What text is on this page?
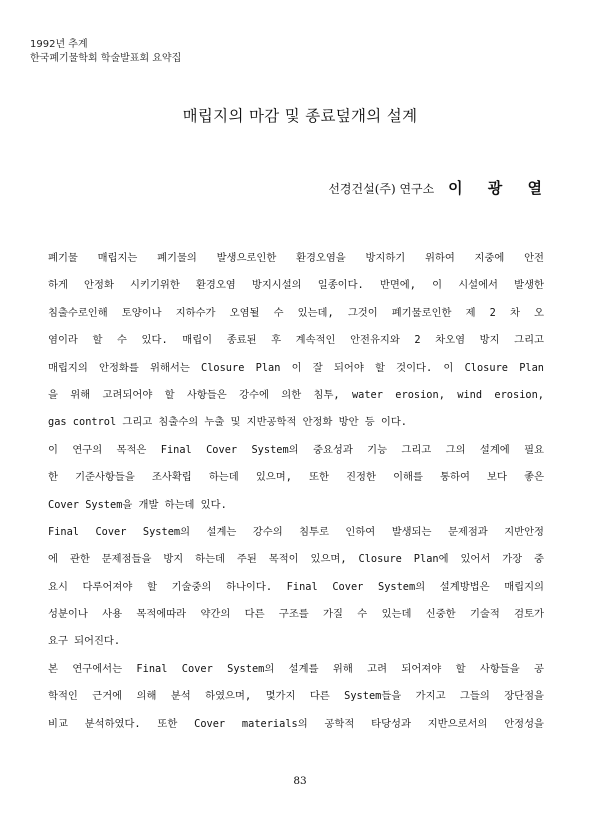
1992년 추계
한국폐기물학회 학술발표회 요약집
매립지의 마감 및 종료덮개의 설계
선경건설(주) 연구소 이 광 열

폐기물 매립지는 폐기물의 발생으로인한 환경오염을 방지하기 위하여 지중에 안전
하게 안정화 시키기위한 환경오염 방지시설의 일종이다. 반면에, 이 시설에서 발생한
침출수로인해 토양이나 지하수가 오염될 수 있는데, 그것이 폐기물로인한 제 2 차 오
염이라 할 수 있다. 매립이 종료된 후 계속적인 안전유지와 2 차오염 방지 그리고
매립지의 안정화를 위해서는 Closure Plan 이 잘 되어야 할 것이다. 이 Closure Plan
을 위해 고려되어야 할 사항들은 강수에 의한 침투, water erosion, wind erosion,
gas control 그리고 침출수의 누출 및 지반공학적 안정화 방안 등 이다.

이 연구의 목적은 Final Cover System의 중요성과 기능 그리고 그의 설계에 필요
한 기준사항들을 조사확립 하는데 있으며, 또한 진정한 이해를 통하여 보다 좋은
Cover System을 개발 하는데 있다.

Final Cover System의 설계는 강수의 침투로 인하여 발생되는 문제점과 지반안정
에 관한 문제점들을 방지 하는데 주된 목적이 있으며, Closure Plan에 있어서 가장 중
요시 다루어져야 할 기술중의 하나이다. Final Cover System의 설계방법은 매립지의
성분이나 사용 목적에따라 약간의 다른 구조를 가질 수 있는데 신중한 기술적 검토가
요구 되어진다.

본 연구에서는 Final Cover System의 설계를 위해 고려 되어져야 할 사항들을 공
학적인 근거에 의해 분석 하였으며, 몇가지 다른 System들을 가지고 그들의 장단점을
비교 분석하였다. 또한 Cover materials의 공학적 타당성과 지반으로서의 안정성을

83
